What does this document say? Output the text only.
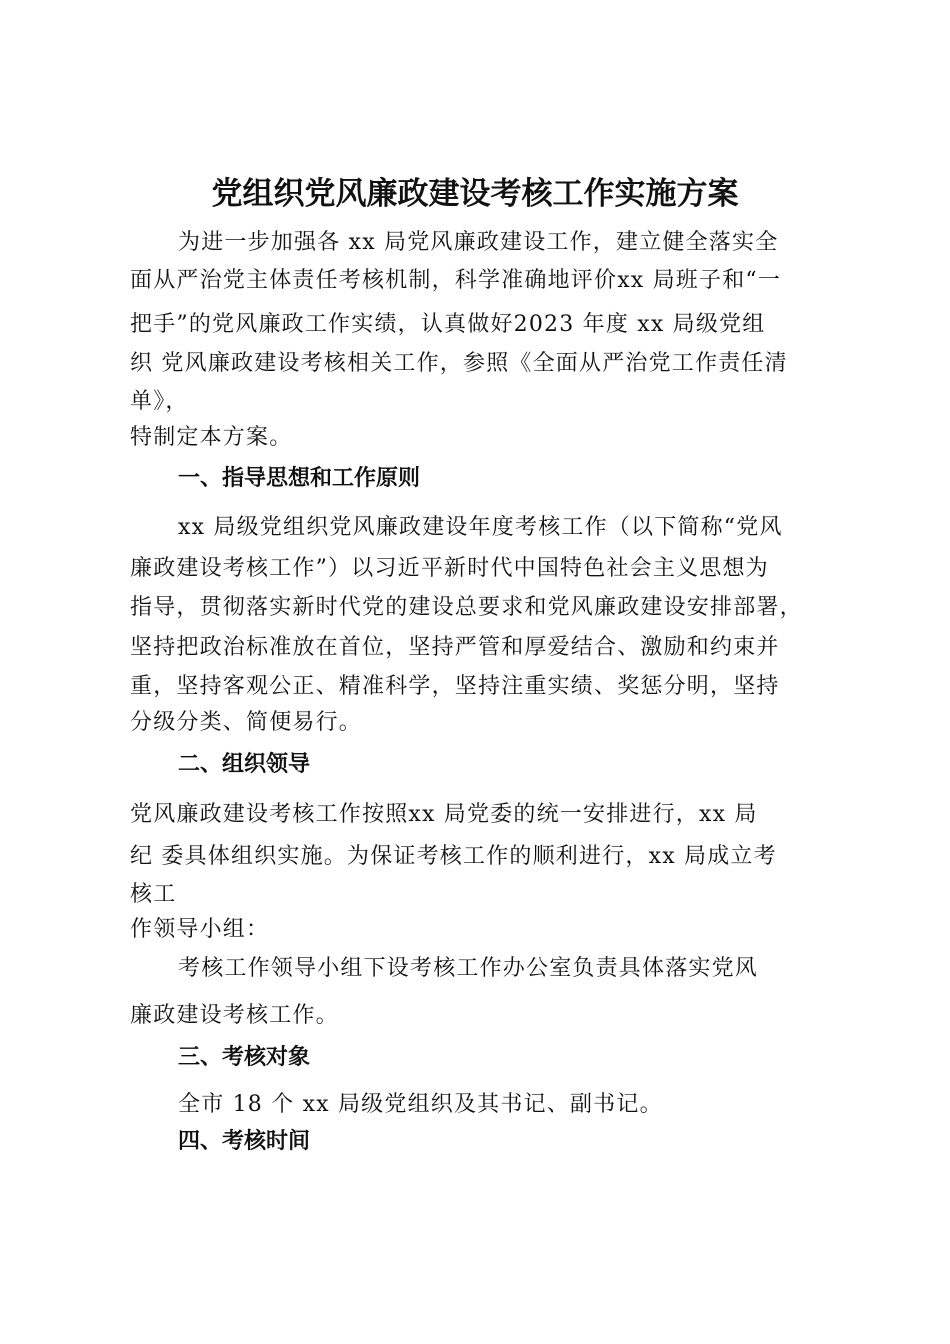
党组织党风廉政建设考核工作实施方案
为进一步加强各 xx 局党风廉政建设工作，建立健全落实全
面从严治党主体责任考核机制，科学准确地评价xx 局班子和“一
把手”的党风廉政工作实绩，认真做好2023 年度 xx 局级党组
织 党风廉政建设考核相关工作，参照《全面从严治党工作责任清
单》，
特制定本方案。
一、指导思想和工作原则
xx 局级党组织党风廉政建设年度考核工作（以下简称“党风
廉政建设考核工作”）以习近平新时代中国特色社会主义思想为
指导，贯彻落实新时代党的建设总要求和党风廉政建设安排部署，
坚持把政治标准放在首位，坚持严管和厚爱结合、激励和约束并
重，坚持客观公正、精准科学，坚持注重实绩、奖惩分明，坚持
分级分类、简便易行。
二、组织领导
党风廉政建设考核工作按照xx 局党委的统一安排进行，xx 局
纪 委具体组织实施。为保证考核工作的顺利进行，xx 局成立考
核工
作领导小组：
考核工作领导小组下设考核工作办公室负责具体落实党风
廉政建设考核工作。
三、考核对象
全市 18 个 xx 局级党组织及其书记、副书记。
四、考核时间
